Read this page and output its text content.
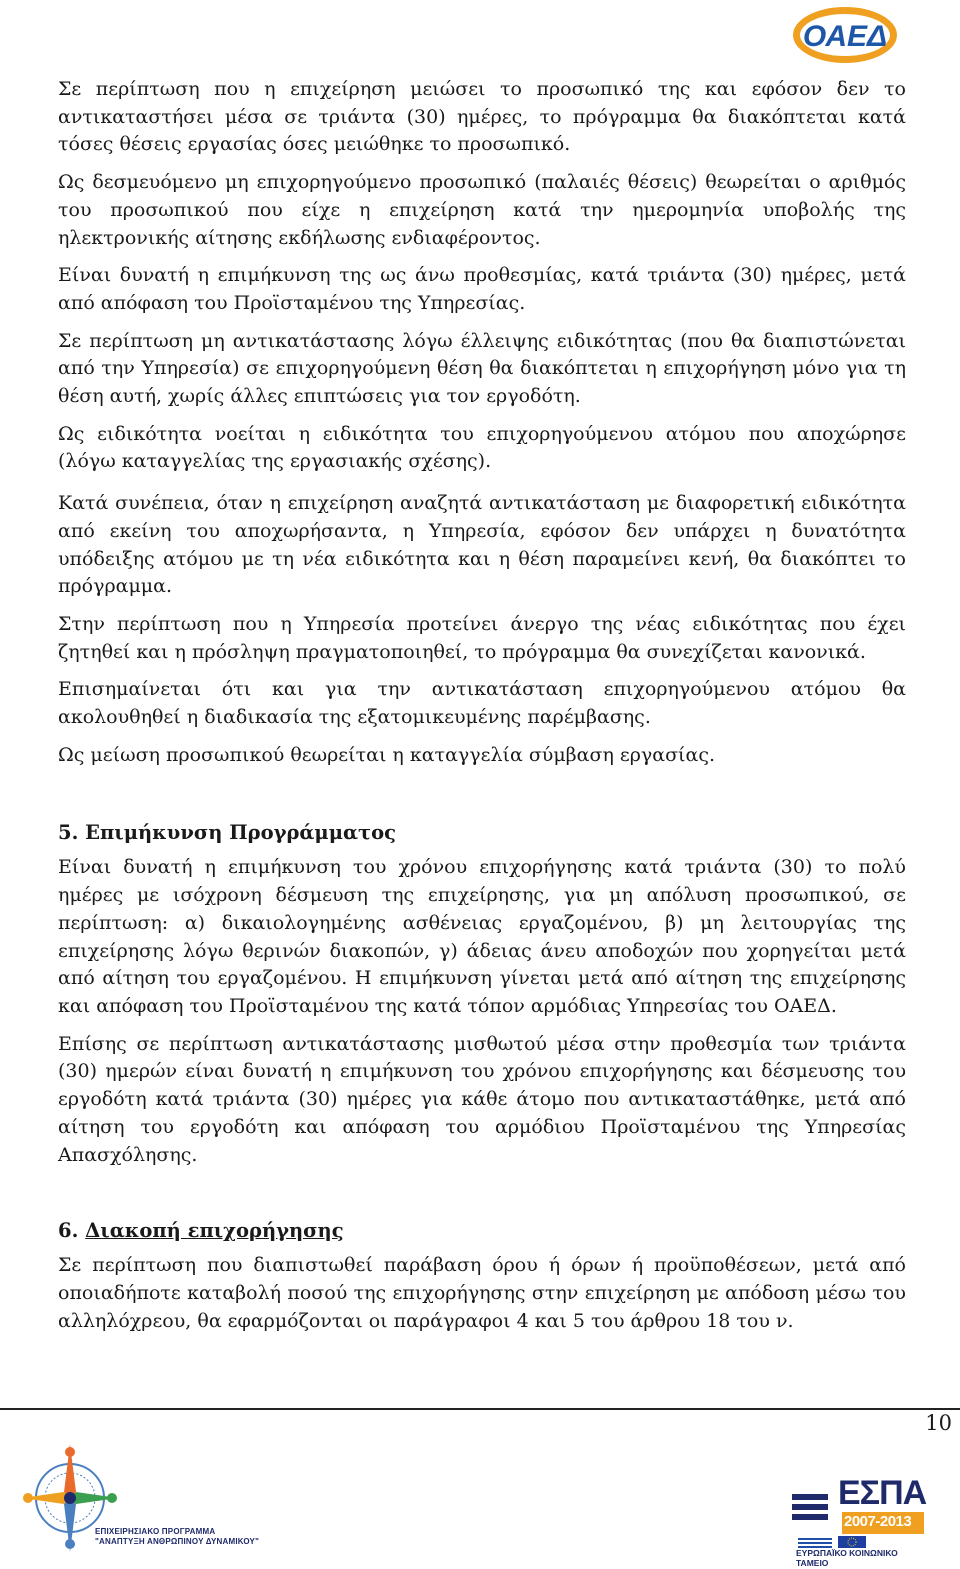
ΟΑΕΔ

Σε περίπτωση που η επιχείρηση μειώσει το προσωπικό της και εφόσον δεν το αντικαταστήσει μέσα σε τριάντα (30) ημέρες, το πρόγραμμα θα διακόπτεται κατά τόσες θέσεις εργασίας όσες μειώθηκε το προσωπικό.

Ως δεσμευόμενο μη επιχορηγούμενο προσωπικό (παλαιές θέσεις) θεωρείται ο αριθμός του προσωπικού που είχε η επιχείρηση κατά την ημερομηνία υποβολής της ηλεκτρονικής αίτησης εκδήλωσης ενδιαφέροντος.

Είναι δυνατή η επιμήκυνση της ως άνω προθεσμίας, κατά τριάντα (30) ημέρες, μετά από απόφαση του Προϊσταμένου της Υπηρεσίας.

Σε περίπτωση μη αντικατάστασης λόγω έλλειψης ειδικότητας (που θα διαπιστώνεται από την Υπηρεσία) σε επιχορηγούμενη θέση θα διακόπτεται η επιχορήγηση μόνο για τη θέση αυτή, χωρίς άλλες επιπτώσεις για τον εργοδότη.

Ως ειδικότητα νοείται η ειδικότητα του επιχορηγούμενου ατόμου που αποχώρησε (λόγω καταγγελίας της εργασιακής σχέσης).

Κατά συνέπεια, όταν η επιχείρηση αναζητά αντικατάσταση με διαφορετική ειδικότητα από εκείνη του αποχωρήσαντα, η Υπηρεσία, εφόσον δεν υπάρχει η δυνατότητα υπόδειξης ατόμου με τη νέα ειδικότητα και η θέση παραμείνει κενή, θα διακόπτει το πρόγραμμα.

Στην περίπτωση που η Υπηρεσία προτείνει άνεργο της νέας ειδικότητας που έχει ζητηθεί και η πρόσληψη πραγματοποιηθεί, το πρόγραμμα θα συνεχίζεται κανονικά.

Επισημαίνεται ότι και για την αντικατάσταση επιχορηγούμενου ατόμου θα ακολουθηθεί η διαδικασία της εξατομικευμένης παρέμβασης.

Ως μείωση προσωπικού θεωρείται η καταγγελία σύμβαση εργασίας.

5. Επιμήκυνση Προγράμματος

Είναι δυνατή η επιμήκυνση του χρόνου επιχορήγησης κατά τριάντα (30) το πολύ ημέρες με ισόχρονη δέσμευση της επιχείρησης, για μη απόλυση προσωπικού, σε περίπτωση: α) δικαιολογημένης ασθένειας εργαζομένου, β) μη λειτουργίας της επιχείρησης λόγω θερινών διακοπών, γ) άδειας άνευ αποδοχών που χορηγείται μετά από αίτηση του εργαζομένου. Η επιμήκυνση γίνεται μετά από αίτηση της επιχείρησης και απόφαση του Προϊσταμένου της κατά τόπον αρμόδιας Υπηρεσίας του ΟΑΕΔ.

Επίσης σε περίπτωση αντικατάστασης μισθωτού μέσα στην προθεσμία των τριάντα (30) ημερών είναι δυνατή η επιμήκυνση του χρόνου επιχορήγησης και δέσμευσης του εργοδότη κατά τριάντα (30) ημέρες για κάθε άτομο που αντικαταστάθηκε, μετά από αίτηση του εργοδότη και απόφαση του αρμόδιου Προϊσταμένου της Υπηρεσίας Απασχόλησης.

6. Διακοπή επιχορήγησης

Σε περίπτωση που διαπιστωθεί παράβαση όρου ή όρων ή προϋποθέσεων, μετά από οποιαδήποτε καταβολή ποσού της επιχορήγησης στην επιχείρηση με απόδοση μέσω του αλληλόχρεου, θα εφαρμόζονται οι παράγραφοι 4 και 5 του άρθρου 18 του ν.

10
ΕΠΙΧΕΙΡΗΣΙΑΚΟ ΠΡΟΓΡΑΜΜΑ
"ΑΝΑΠΤΥΞΗ ΑΝΘΡΩΠΙΝΟΥ ΔΥΝΑΜΙΚΟΥ"
ΕΣΠΑ
2007-2013
ΕΥΡΩΠΑΪΚΟ ΚΟΙΝΩΝΙΚΟ ΤΑΜΕΙΟ
